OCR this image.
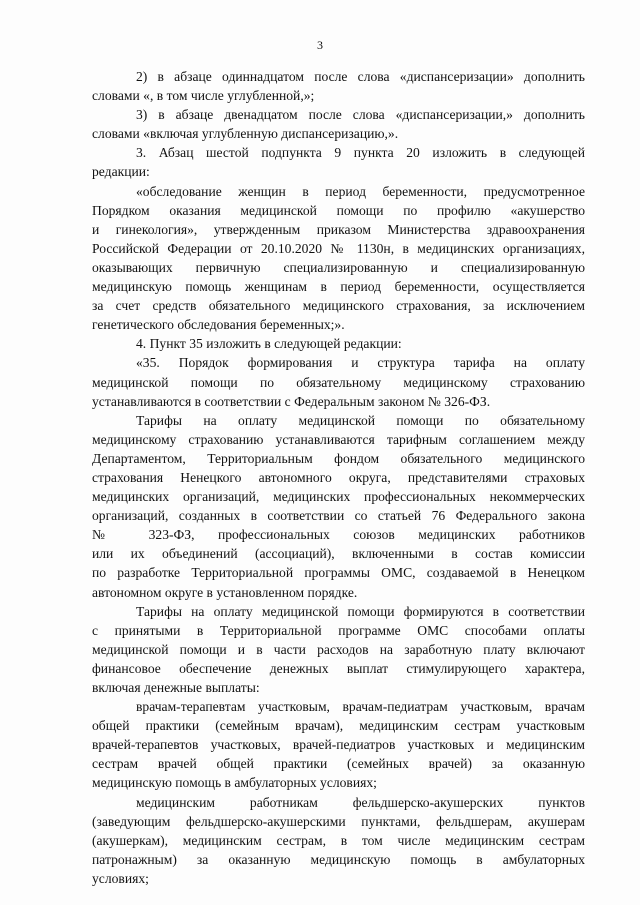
3
2) в абзаце одиннадцатом после слова «диспансеризации» дополнить
словами «, в том числе углубленной,»;
3) в абзаце двенадцатом после слова «диспансеризации,» дополнить
словами «включая углубленную диспансеризацию,».
3. Абзац шестой подпункта 9 пункта 20 изложить в следующей
редакции:
«обследование женщин в период беременности, предусмотренное
Порядком оказания медицинской помощи по профилю «акушерство
и гинекология», утвержденным приказом Министерства здравоохранения
Российской Федерации от 20.10.2020 № 1130н, в медицинских организациях,
оказывающих первичную специализированную и специализированную
медицинскую помощь женщинам в период беременности, осуществляется
за счет средств обязательного медицинского страхования, за исключением
генетического обследования беременных;».
4. Пункт 35 изложить в следующей редакции:
«35. Порядок формирования и структура тарифа на оплату
медицинской помощи по обязательному медицинскому страхованию
устанавливаются в соответствии с Федеральным законом № 326-ФЗ.
Тарифы на оплату медицинской помощи по обязательному
медицинскому страхованию устанавливаются тарифным соглашением между
Департаментом, Территориальным фондом обязательного медицинского
страхования Ненецкого автономного округа, представителями страховых
медицинских организаций, медицинских профессиональных некоммерческих
организаций, созданных в соответствии со статьей 76 Федерального закона
№ 323-ФЗ, профессиональных союзов медицинских работников
или их объединений (ассоциаций), включенными в состав комиссии
по разработке Территориальной программы ОМС, создаваемой в Ненецком
автономном округе в установленном порядке.
Тарифы на оплату медицинской помощи формируются в соответствии
с принятыми в Территориальной программе ОМС способами оплаты
медицинской помощи и в части расходов на заработную плату включают
финансовое обеспечение денежных выплат стимулирующего характера,
включая денежные выплаты:
врачам-терапевтам участковым, врачам-педиатрам участковым, врачам
общей практики (семейным врачам), медицинским сестрам участковым
врачей-терапевтов участковых, врачей-педиатров участковых и медицинским
сестрам врачей общей практики (семейных врачей) за оказанную
медицинскую помощь в амбулаторных условиях;
медицинским работникам фельдшерско-акушерских пунктов
(заведующим фельдшерско-акушерскими пунктами, фельдшерам, акушерам
(акушеркам), медицинским сестрам, в том числе медицинским сестрам
патронажным) за оказанную медицинскую помощь в амбулаторных
условиях;
